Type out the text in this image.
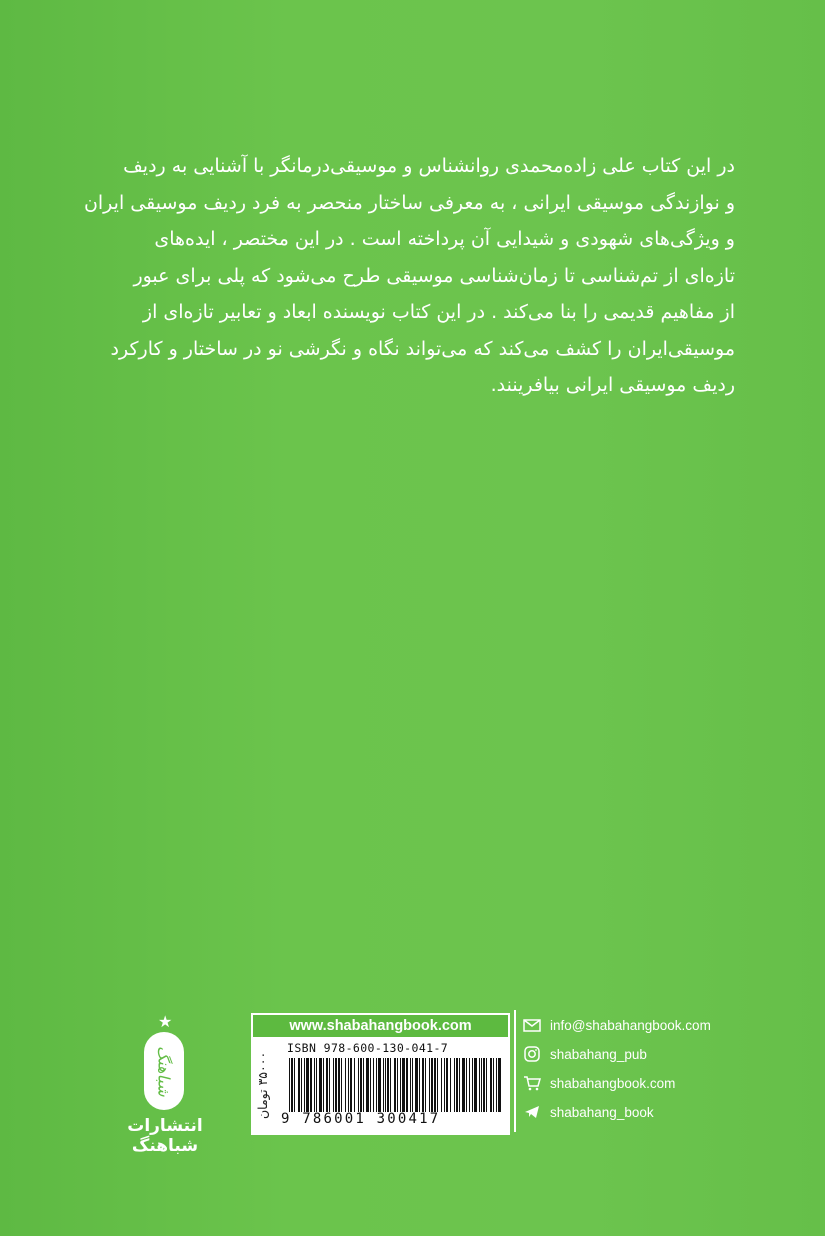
در این کتاب علی زاده‌محمدی روانشناس و موسیقی‌درمانگر با آشنایی به ردیف
و نوازندگی موسیقی ایرانی ، به معرفی ساختار منحصر به فرد ردیف موسیقی ایران
و ویژگی‌های شهودی و شیدایی آن پرداخته است . در این مختصر ، ایده‌های
تازه‌ای از تم‌شناسی تا زمان‌شناسی موسیقی طرح می‌شود که پلی برای عبور
از مفاهیم قدیمی را بنا می‌کند . در این کتاب نویسنده ابعاد و تعابیر تازه‌ای از
موسیقی‌ایران را کشف می‌کند که می‌تواند نگاه و نگرشی نو در ساختار و کارکرد
ردیف موسیقی ایرانی بیافرینند.
★
شباهنگ
انتشارات شباهنگ
www.shabahangbook.com
۳۵۰۰۰ تومان
ISBN 978-600-130-041-7
9 786001 300417
info@shabahangbook.com
shabahang_pub
shabahangbook.com
shabahang_book
